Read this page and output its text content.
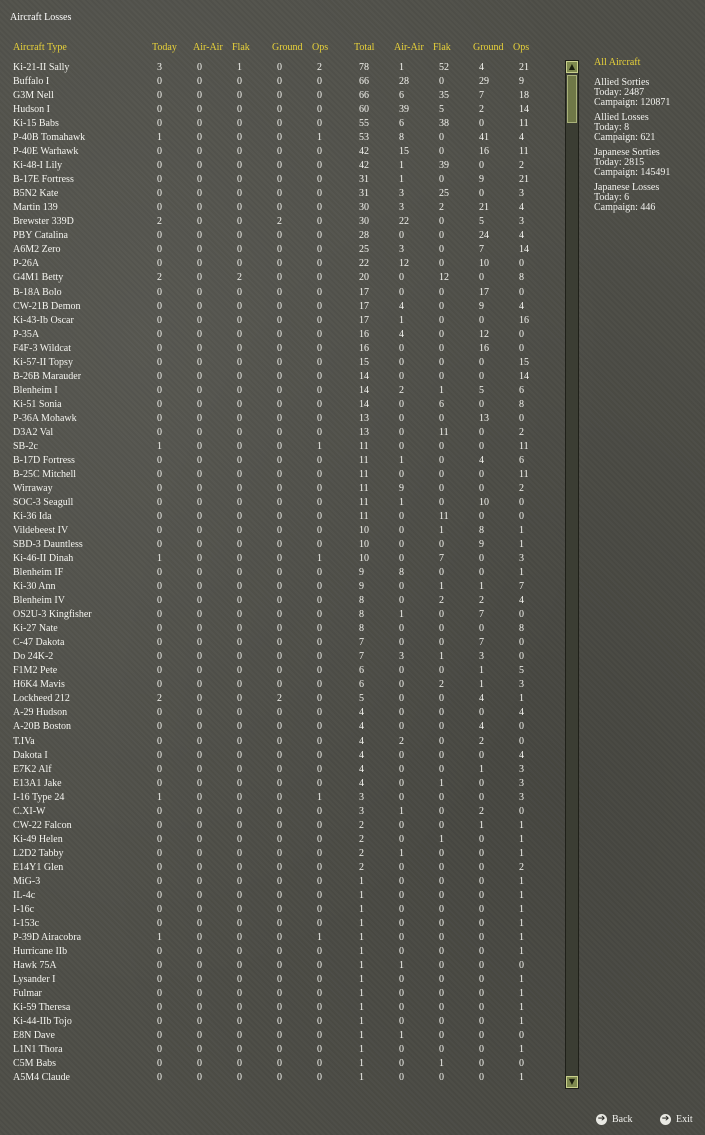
Aircraft Losses
Aircraft Type	Today Air-Air Flak Ground Ops	Total Air-Air Flak Ground Ops
Ki-21-II Sally	3	0	1	0	2	78	1	52	4	21
Buffalo I	0	0	0	0	0	66	28	0	29	9
G3M Nell	0	0	0	0	0	66	6	35	7	18
Hudson I	0	0	0	0	0	60	39	5	2	14
Ki-15 Babs	0	0	0	0	0	55	6	38	0	11
P-40B Tomahawk	1	0	0	0	1	53	8	0	41	4
P-40E Warhawk	0	0	0	0	0	42	15	0	16	11
Ki-48-I Lily	0	0	0	0	0	42	1	39	0	2
B-17E Fortress	0	0	0	0	0	31	1	0	9	21
B5N2 Kate	0	0	0	0	0	31	3	25	0	3
Martin 139	0	0	0	0	0	30	3	2	21	4
Brewster 339D	2	0	0	2	0	30	22	0	5	3
PBY Catalina	0	0	0	0	0	28	0	0	24	4
A6M2 Zero	0	0	0	0	0	25	3	0	7	14
P-26A	0	0	0	0	0	22	12	0	10	0
G4M1 Betty	2	0	2	0	0	20	0	12	0	8
B-18A Bolo	0	0	0	0	0	17	0	0	17	0
CW-21B Demon	0	0	0	0	0	17	4	0	9	4
Ki-43-Ib Oscar	0	0	0	0	0	17	1	0	0	16
P-35A	0	0	0	0	0	16	4	0	12	0
F4F-3 Wildcat	0	0	0	0	0	16	0	0	16	0
Ki-57-II Topsy	0	0	0	0	0	15	0	0	0	15
B-26B Marauder	0	0	0	0	0	14	0	0	0	14
Blenheim I	0	0	0	0	0	14	2	1	5	6
Ki-51 Sonia	0	0	0	0	0	14	0	6	0	8
P-36A Mohawk	0	0	0	0	0	13	0	0	13	0
D3A2 Val	0	0	0	0	0	13	0	11	0	2
SB-2c	1	0	0	0	1	11	0	0	0	11
B-17D Fortress	0	0	0	0	0	11	1	0	4	6
B-25C Mitchell	0	0	0	0	0	11	0	0	0	11
Wirraway	0	0	0	0	0	11	9	0	0	2
SOC-3 Seagull	0	0	0	0	0	11	1	0	10	0
Ki-36 Ida	0	0	0	0	0	11	0	11	0	0
Vildebeest IV	0	0	0	0	0	10	0	1	8	1
SBD-3 Dauntless	0	0	0	0	0	10	0	0	9	1
Ki-46-II Dinah	1	0	0	0	1	10	0	7	0	3
Blenheim IF	0	0	0	0	0	9	8	0	0	1
Ki-30 Ann	0	0	0	0	0	9	0	1	1	7
Blenheim IV	0	0	0	0	0	8	0	2	2	4
OS2U-3 Kingfisher	0	0	0	0	0	8	1	0	7	0
Ki-27 Nate	0	0	0	0	0	8	0	0	0	8
C-47 Dakota	0	0	0	0	0	7	0	0	7	0
Do 24K-2	0	0	0	0	0	7	3	1	3	0
F1M2 Pete	0	0	0	0	0	6	0	0	1	5
H6K4 Mavis	0	0	0	0	0	6	0	2	1	3
Lockheed 212	2	0	0	2	0	5	0	0	4	1
A-29 Hudson	0	0	0	0	0	4	0	0	0	4
A-20B Boston	0	0	0	0	0	4	0	0	4	0
T.IVa	0	0	0	0	0	4	2	0	2	0
Dakota I	0	0	0	0	0	4	0	0	0	4
E7K2 Alf	0	0	0	0	0	4	0	0	1	3
E13A1 Jake	0	0	0	0	0	4	0	1	0	3
I-16 Type 24	1	0	0	0	1	3	0	0	0	3
C.XI-W	0	0	0	0	0	3	1	0	2	0
CW-22 Falcon	0	0	0	0	0	2	0	0	1	1
Ki-49 Helen	0	0	0	0	0	2	0	1	0	1
L2D2 Tabby	0	0	0	0	0	2	1	0	0	1
E14Y1 Glen	0	0	0	0	0	2	0	0	0	2
MiG-3	0	0	0	0	0	1	0	0	0	1
IL-4c	0	0	0	0	0	1	0	0	0	1
I-16c	0	0	0	0	0	1	0	0	0	1
I-153c	0	0	0	0	0	1	0	0	0	1
P-39D Airacobra	1	0	0	0	1	1	0	0	0	1
Hurricane IIb	0	0	0	0	0	1	0	0	0	1
Hawk 75A	0	0	0	0	0	1	1	0	0	0
Lysander I	0	0	0	0	0	1	0	0	0	1
Fulmar	0	0	0	0	0	1	0	0	0	1
Ki-59 Theresa	0	0	0	0	0	1	0	0	0	1
Ki-44-IIb Tojo	0	0	0	0	0	1	0	0	0	1
E8N Dave	0	0	0	0	0	1	1	0	0	0
L1N1 Thora	0	0	0	0	0	1	0	0	0	1
C5M Babs	0	0	0	0	0	1	0	1	0	0
A5M4 Claude	0	0	0	0	0	1	0	0	0	1
▲
▼
All Aircraft
Allied Sorties
Today: 2487
Campaign: 120871
Allied Losses
Today: 8
Campaign: 621
Japanese Sorties
Today: 2815
Campaign: 145491
Japanese Losses
Today: 6
Campaign: 446
➔ Back	➔ Exit
